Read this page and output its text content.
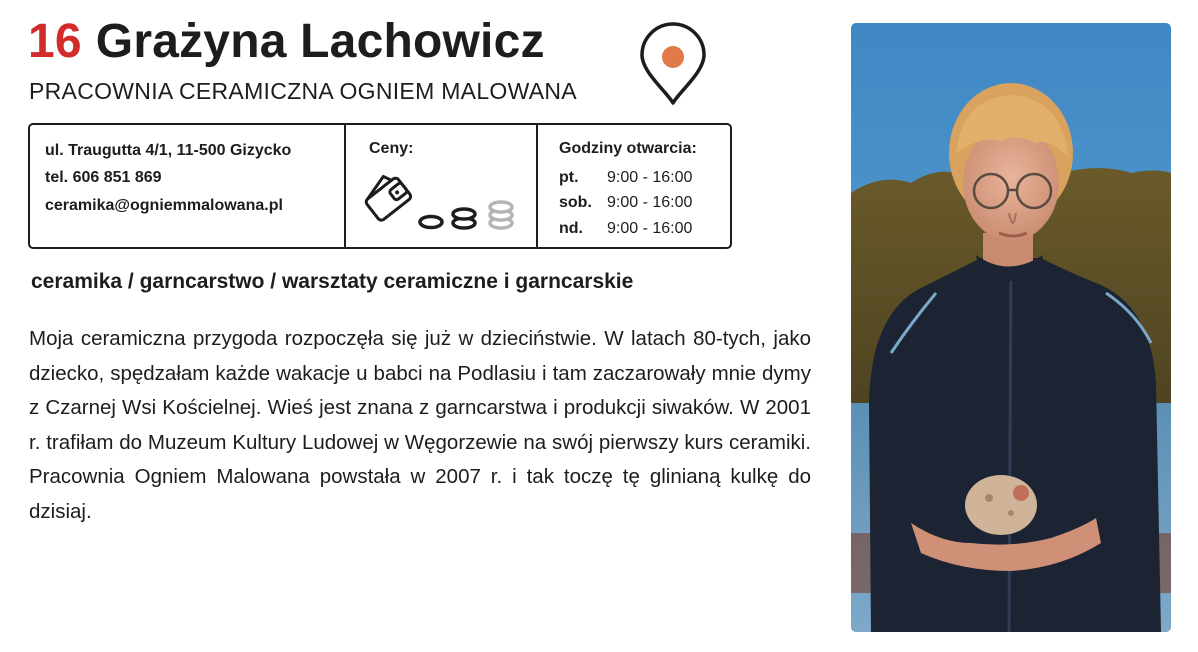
16 Grażyna Lachowicz
PRACOWNIA CERAMICZNA OGNIEM MALOWANA
ul. Traugutta 4/1, 11-500 Gizycko
tel. 606 851 869
ceramika@ogniemmalowana.pl
Ceny:	Godziny otwarcia:
pt. 9:00 - 16:00
sob. 9:00 - 16:00
nd. 9:00 - 16:00
ceramika / garncarstwo / warsztaty ceramiczne i garncarskie

Moja ceramiczna przygoda rozpoczęła się już w dzieciństwie. W latach 80-tych, jako dziecko, spędzałam każde wakacje u babci na Podlasiu i tam zaczarowały mnie dymy z Czarnej Wsi Kościelnej. Wieś jest znana z garncarstwa i produkcji siwaków. W 2001 r. trafiłam do Muzeum Kultury Ludowej w Węgorzewie na swój pierwszy kurs ceramiki. Pracownia Ogniem Malowana powstała w 2007 r. i tak toczę tę glinianą kulkę do dzisiaj.
